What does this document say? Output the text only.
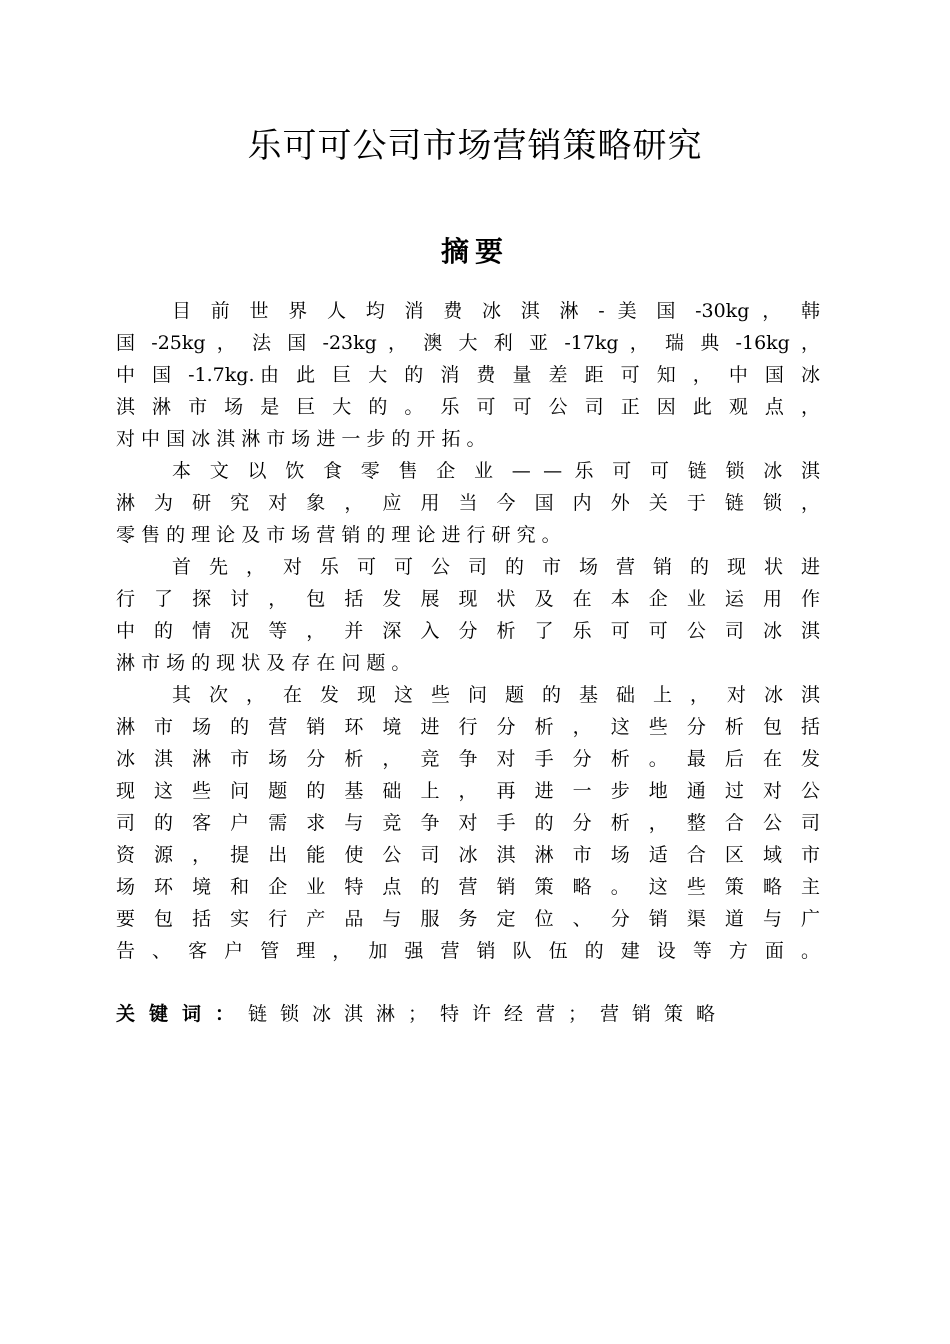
乐可可公司市场营销策略研究
摘要
目 前 世 界 人 均 消 费 冰 淇 淋 - 美 国 -30kg ， 韩
国 -25kg ， 法 国 -23kg ， 澳 大 利 亚 -17kg ， 瑞 典 -16kg ，
中 国 -1.7kg.由 此 巨 大 的 消 费 量 差 距 可 知 ， 中 国 冰
淇 淋 市 场 是 巨 大 的 。 乐 可 可 公 司 正 因 此 观 点 ，
对 中 国 冰 淇 淋 市 场 进 一 步 的 开 拓 。
本 文 以 饮 食 零 售 企 业 — — 乐 可 可 链 锁 冰 淇
淋 为 研 究 对 象 ， 应 用 当 今 国 内 外 关 于 链 锁 ，
零 售 的 理 论 及 市 场 营 销 的 理 论 进 行 研 究 。
首 先 ， 对 乐 可 可 公 司 的 市 场 营 销 的 现 状 进
行 了 探 讨 ， 包 括 发 展 现 状 及 在 本 企 业 运 用 作
中 的 情 况 等 ， 并 深 入 分 析 了 乐 可 可 公 司 冰 淇
淋 市 场 的 现 状 及 存 在 问 题 。
其 次 ， 在 发 现 这 些 问 题 的 基 础 上 ， 对 冰 淇
淋 市 场 的 营 销 环 境 进 行 分 析 ， 这 些 分 析 包 括
冰 淇 淋 市 场 分 析 ， 竞 争 对 手 分 析 。 最 后 在 发
现 这 些 问 题 的 基 础 上 ， 再 进 一 步 地 通 过 对 公
司 的 客 户 需 求 与 竞 争 对 手 的 分 析 ， 整 合 公 司
资 源 ， 提 出 能 使 公 司 冰 淇 淋 市 场 适 合 区 域 市
场 环 境 和 企 业 特 点 的 营 销 策 略 。 这 些 策 略 主
要 包 括 实 行 产 品 与 服 务 定 位 、 分 销 渠 道 与 广
告 、 客 户 管 理 ， 加 强 营 销 队 伍 的 建 设 等 方 面 。
关键词：链锁冰淇淋；特许经营；营销策略
